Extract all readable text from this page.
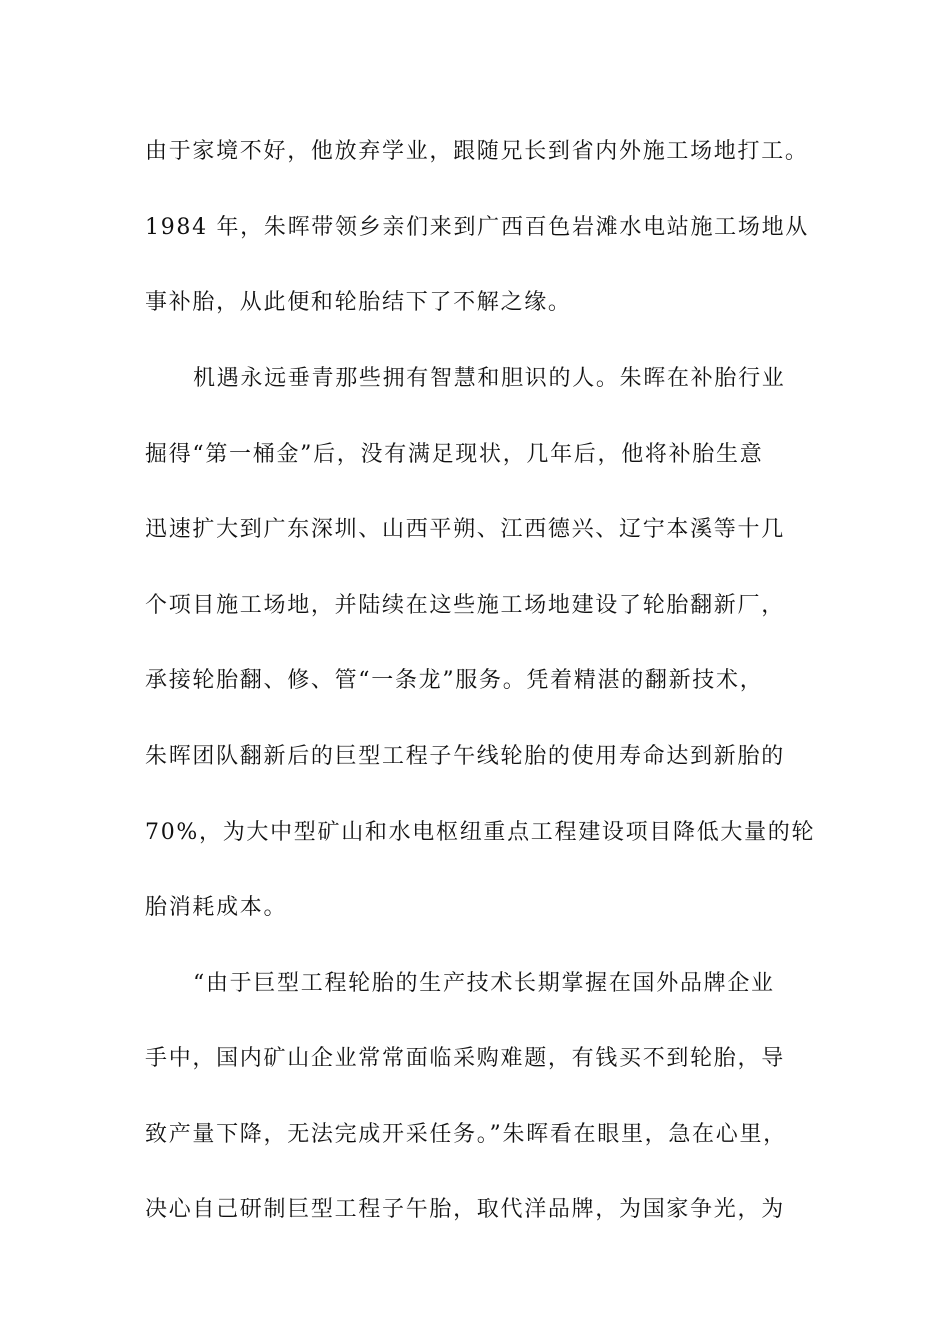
由于家境不好，他放弃学业，跟随兄长到省内外施工场地打工。
1984 年，朱晖带领乡亲们来到广西百色岩滩水电站施工场地从
事补胎，从此便和轮胎结下了不解之缘。
机遇永远垂青那些拥有智慧和胆识的人。朱晖在补胎行业
掘得“第一桶金”后，没有满足现状，几年后，他将补胎生意
迅速扩大到广东深圳、山西平朔、江西德兴、辽宁本溪等十几
个项目施工场地，并陆续在这些施工场地建设了轮胎翻新厂，
承接轮胎翻、修、管“一条龙”服务。凭着精湛的翻新技术，
朱晖团队翻新后的巨型工程子午线轮胎的使用寿命达到新胎的
70%，为大中型矿山和水电枢纽重点工程建设项目降低大量的轮
胎消耗成本。
“由于巨型工程轮胎的生产技术长期掌握在国外品牌企业
手中，国内矿山企业常常面临采购难题，有钱买不到轮胎，导
致产量下降，无法完成开采任务。”朱晖看在眼里，急在心里，
决心自己研制巨型工程子午胎，取代洋品牌，为国家争光，为
